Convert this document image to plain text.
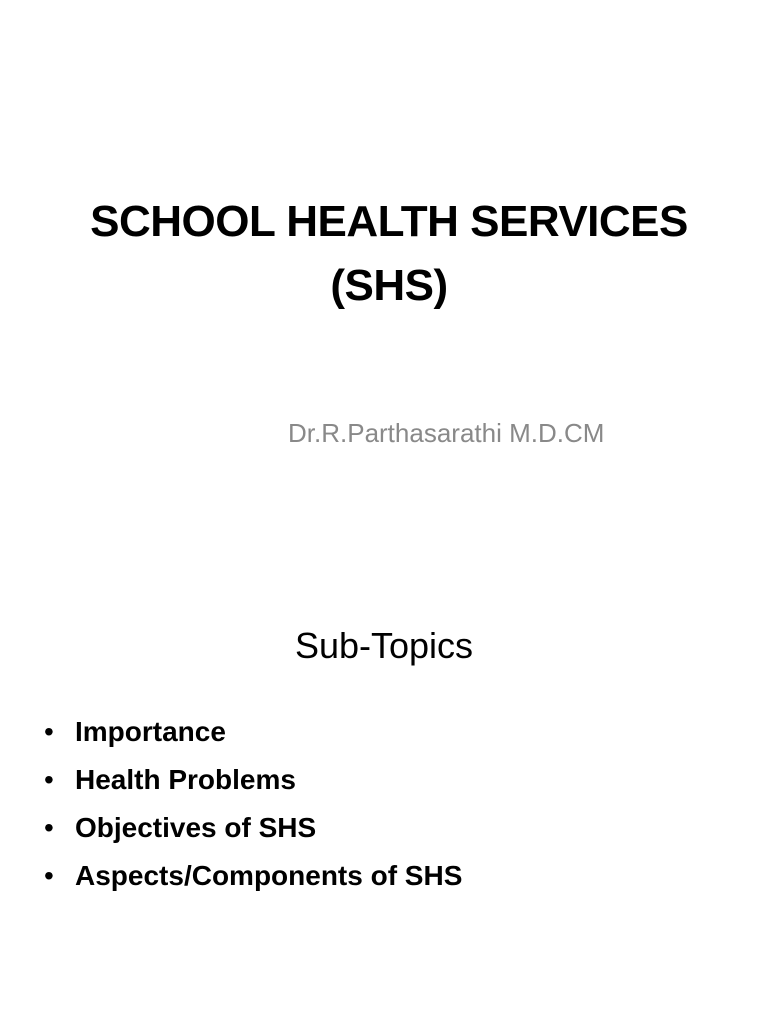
SCHOOL HEALTH SERVICES
(SHS)
Dr.R.Parthasarathi M.D.CM
Sub-Topics
• Importance
• Health Problems
• Objectives of SHS
• Aspects/Components of SHS
